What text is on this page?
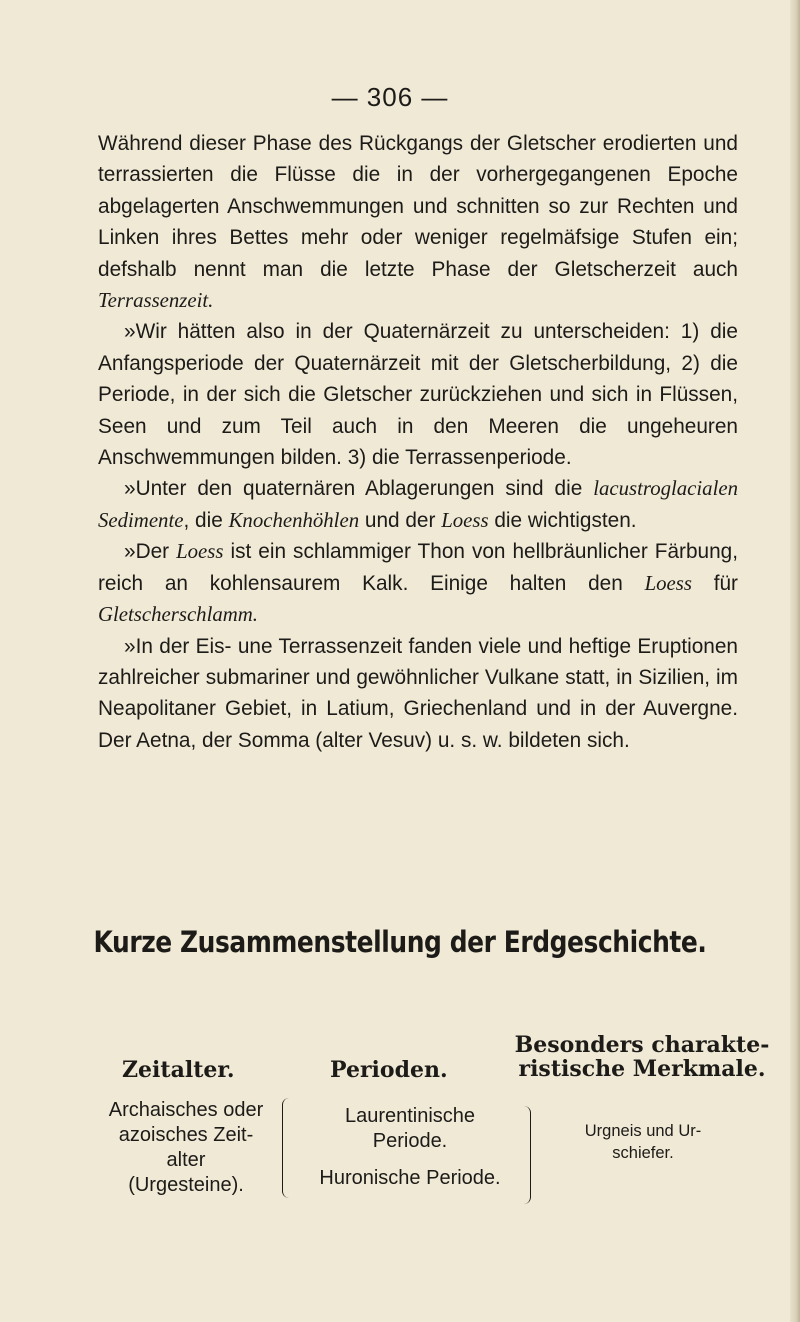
— 306 —

Während dieser Phase des Rückgangs der Gletscher erodierten und terrassierten die Flüsse die in der vorhergegangenen Epoche abgelagerten Anschwemmungen und schnitten so zur Rechten und Linken ihres Bettes mehr oder weniger regelmäfsige Stufen ein; defshalb nennt man die letzte Phase der Gletscherzeit auch Terrassenzeit.

»Wir hätten also in der Quaternärzeit zu unterscheiden: 1) die Anfangsperiode der Quaternärzeit mit der Gletscherbildung, 2) die Periode, in der sich die Gletscher zurückziehen und sich in Flüssen, Seen und zum Teil auch in den Meeren die ungeheuren Anschwemmungen bilden. 3) die Terrassenperiode.

»Unter den quaternären Ablagerungen sind die lacustroglacialen Sedimente, die Knochenhöhlen und der Loess die wichtigsten.

»Der Loess ist ein schlammiger Thon von hellbräunlicher Färbung, reich an kohlensaurem Kalk. Einige halten den Loess für Gletscherschlamm.

»In der Eis- une Terrassenzeit fanden viele und heftige Eruptionen zahlreicher submariner und gewöhnlicher Vulkane statt, in Sizilien, im Neapolitaner Gebiet, in Latium, Griechenland und in der Auvergne. Der Aetna, der Somma (alter Vesuv) u. s. w. bildeten sich.

Kurze Zusammenstellung der Erdgeschichte.
Zeitalter.	Perioden.
Besonders charakte-
ristische Merkmale.
Archaisches oder
azoisches Zeit-
alter
(Urgesteine).
Laurentinische
Periode.
Huronische Periode.
Urgneis und Ur-
schiefer.
